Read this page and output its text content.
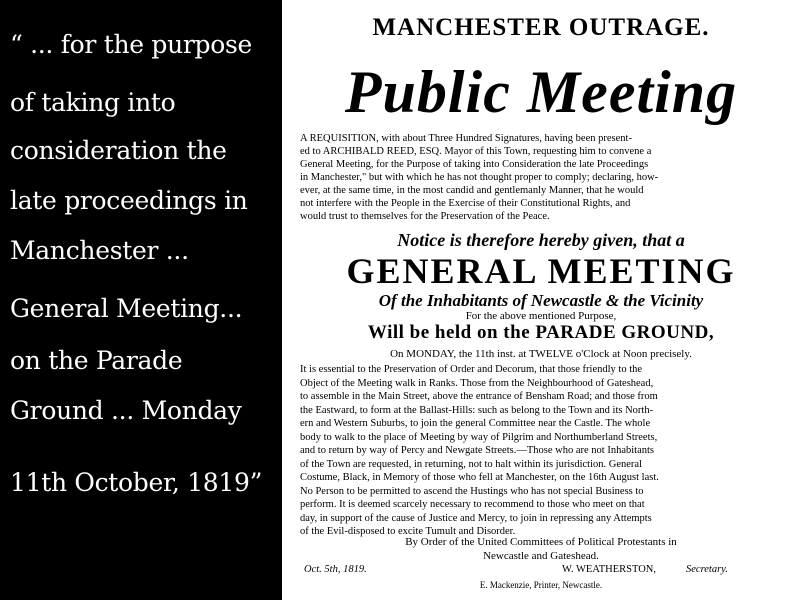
“ ... for the purpose
of taking into
consideration the
late proceedings in
Manchester ...
General Meeting...
on the Parade
Ground ... Monday
11th October, 1819”
MANCHESTER OUTRAGE.
Public Meeting
A REQUISITION, with about Three Hundred Signatures, having been present-
ed to ARCHIBALD REED, ESQ. Mayor of this Town, requesting him to convene a
General Meeting, for the Purpose of taking into Consideration the late Proceedings
in Manchester," but with which he has not thought proper to comply; declaring, how-
ever, at the same time, in the most candid and gentlemanly Manner, that he would
not interfere with the People in the Exercise of their Constitutional Rights, and
would trust to themselves for the Preservation of the Peace.
Notice is therefore hereby given, that a
GENERAL MEETING
Of the Inhabitants of Newcastle & the Vicinity
For the above mentioned Purpose,
Will be held on the PARADE GROUND,
On MONDAY, the 11th inst. at TWELVE o'Clock at Noon precisely.
It is essential to the Preservation of Order and Decorum, that those friendly to the
Object of the Meeting walk in Ranks. Those from the Neighbourhood of Gateshead,
to assemble in the Main Street, above the entrance of Bensham Road; and those from
the Eastward, to form at the Ballast-Hills: such as belong to the Town and its North-
ern and Western Suburbs, to join the general Committee near the Castle. The whole
body to walk to the place of Meeting by way of Pilgrim and Northumberland Streets,
and to return by way of Percy and Newgate Streets.—Those who are not Inhabitants
of the Town are requested, in returning, not to halt within its jurisdiction. General
Costume, Black, in Memory of those who fell at Manchester, on the 16th August last.
No Person to be permitted to ascend the Hustings who has not special Business to
perform. It is deemed scarcely necessary to recommend to those who meet on that
day, in support of the cause of Justice and Mercy, to join in repressing any Attempts
of the Evil-disposed to excite Tumult and Disorder.
By Order of the United Committees of Political Protestants in
Newcastle and Gateshead.
Oct. 5th, 1819.	W. WEATHERSTON,	Secretary.
E. Mackenzie, Printer, Newcastle.
